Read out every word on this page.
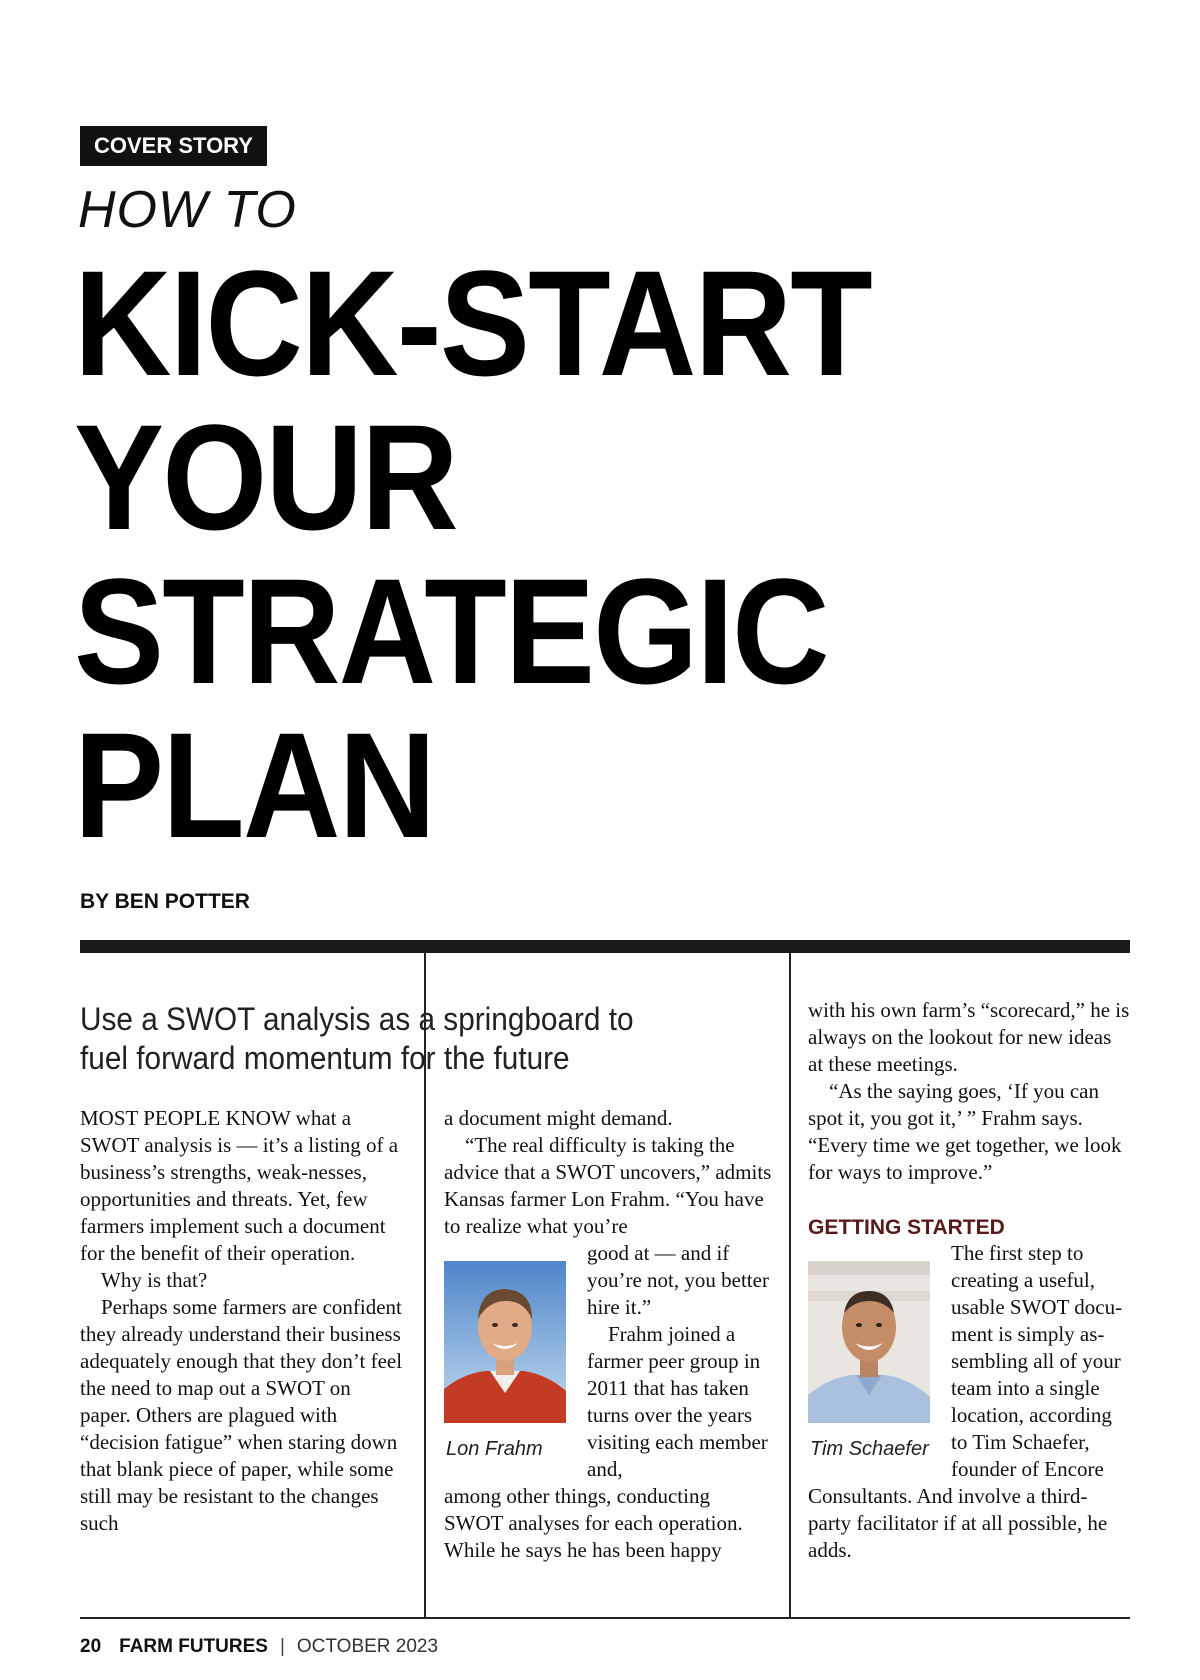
COVER STORY
HOW TO
KICK-START
YOUR
STRATEGIC
PLAN
BY BEN POTTER
Use a SWOT analysis as a springboard to fuel forward momentum for the future

MOST PEOPLE KNOW what a SWOT analysis is — it’s a listing of a business’s strengths, weak-nesses, opportunities and threats. Yet, few farmers implement such a document for the benefit of their operation.

Why is that?

Perhaps some farmers are confident they already understand their business adequately enough that they don’t feel the need to map out a SWOT on paper. Others are plagued with “decision fatigue” when staring down that blank piece of paper, while some still may be resistant to the changes such

a document might demand.

“The real difficulty is taking the advice that a SWOT uncovers,” admits Kansas farmer Lon Frahm. “You have to realize what you’re

Lon Frahm

good at — and if you’re not, you better hire it.”

Frahm joined a farmer peer group in 2011 that has taken turns over the years visiting each member and,

among other things, conducting SWOT analyses for each operation. While he says he has been happy

with his own farm’s “scorecard,” he is always on the lookout for new ideas at these meetings.

“As the saying goes, ‘If you can spot it, you got it,’ ” Frahm says. “Every time we get together, we look for ways to improve.”

GETTING STARTED
Tim Schaefer

The first step to creating a useful, usable SWOT docu-ment is simply as-sembling all of your team into a single location, according to Tim Schaefer, founder of Encore

Consultants. And involve a third-party facilitator if at all possible, he adds.

20 FARM FUTURES | OCTOBER 2023
